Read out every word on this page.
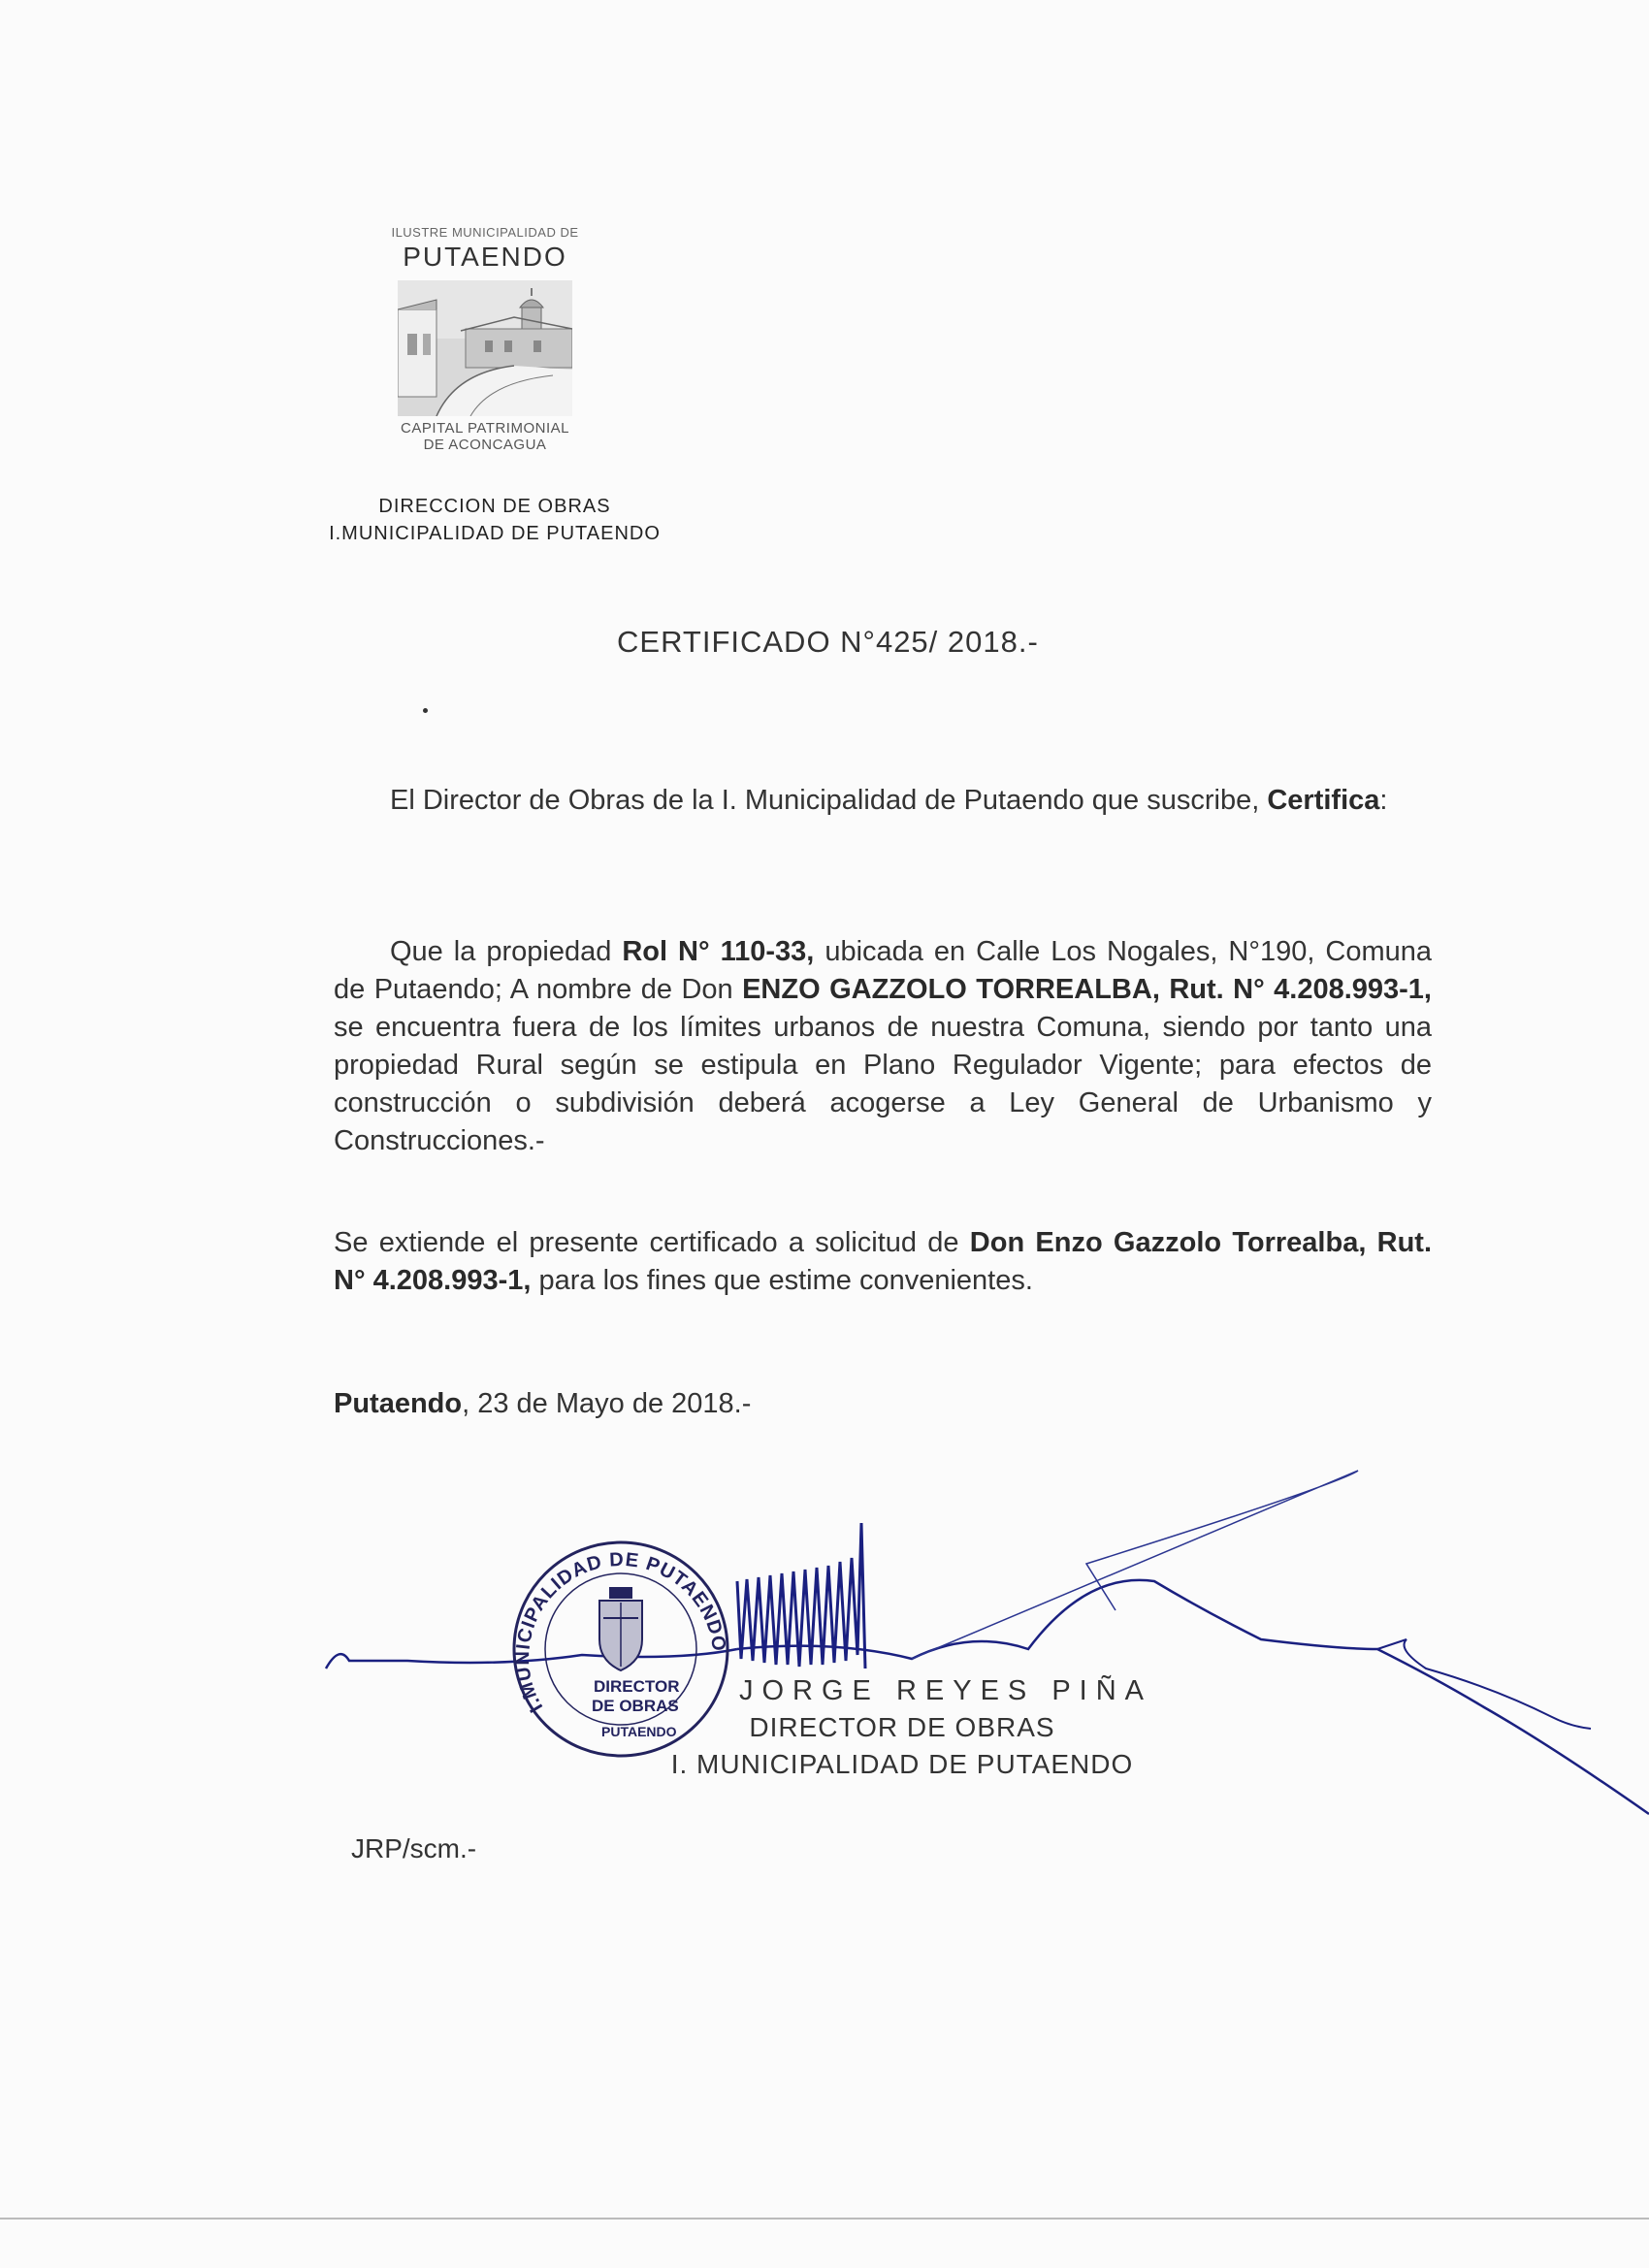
ILUSTRE MUNICIPALIDAD DE
PUTAENDO
CAPITAL PATRIMONIAL
DE ACONCAGUA
DIRECCION DE OBRAS
I.MUNICIPALIDAD DE PUTAENDO
CERTIFICADO N°425/ 2018.-
El Director de Obras de la I. Municipalidad de Putaendo que suscribe, Certifica:
Que la propiedad Rol N° 110-33, ubicada en Calle Los Nogales, N°190, Comuna de Putaendo; A nombre de Don ENZO GAZZOLO TORREALBA, Rut. N° 4.208.993-1, se encuentra fuera de los límites urbanos de nuestra Comuna, siendo por tanto una propiedad Rural según se estipula en Plano Regulador Vigente; para efectos de construcción o subdivisión deberá acogerse a Ley General de Urbanismo y Construcciones.-
Se extiende el presente certificado a solicitud de Don Enzo Gazzolo Torrealba, Rut. N° 4.208.993-1, para los fines que estime convenientes.
Putaendo, 23 de Mayo de 2018.-
I.MUNICIPALIDAD DE PUTAENDO
DIRECTOR
DE OBRAS
PUTAENDO
JORGE REYES PIÑA
DIRECTOR DE OBRAS
I. MUNICIPALIDAD DE PUTAENDO
JRP/scm.-
